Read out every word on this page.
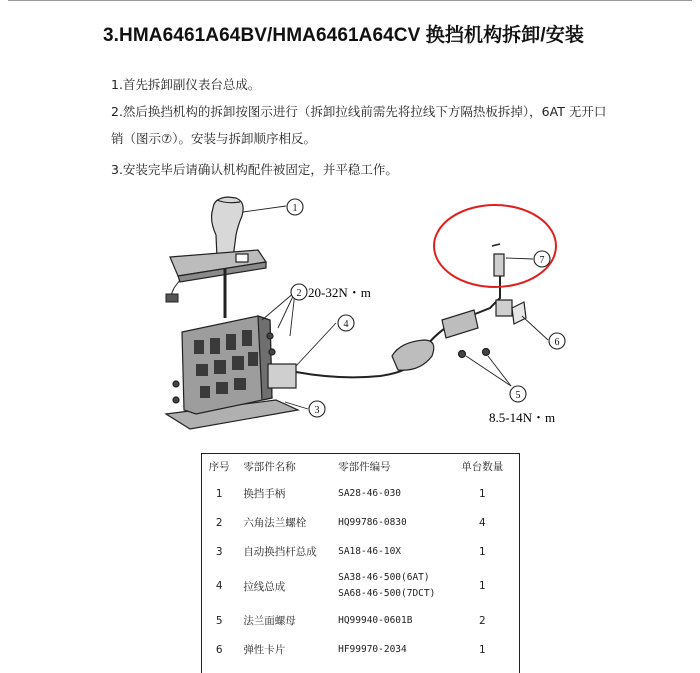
3.HMA6461A64BV/HMA6461A64CV 换挡机构拆卸/安装
1.首先拆卸副仪表台总成。
2.然后换挡机构的拆卸按图示进行（拆卸拉线前需先将拉线下方隔热板拆掉），6AT 无开口
销（图示⑦）。安装与拆卸顺序相反。
3.安装完毕后请确认机构配件被固定，并平稳工作。
1
2
3
4
5
6
7
20-32N・m
8.5-14N・m
序号	零部件名称	零部件编号	单台数量
1	换挡手柄	SA28-46-030	1
2	六角法兰螺栓	HQ99786-0830	4
3	自动换挡杆总成	SA18-46-10X	1
4	拉线总成	SA38-46-500(6AT)
SA68-46-500(7DCT)	1
5	法兰面螺母	HQ99940-0601B	2
6	弹性卡片	HF99970-2034	1
